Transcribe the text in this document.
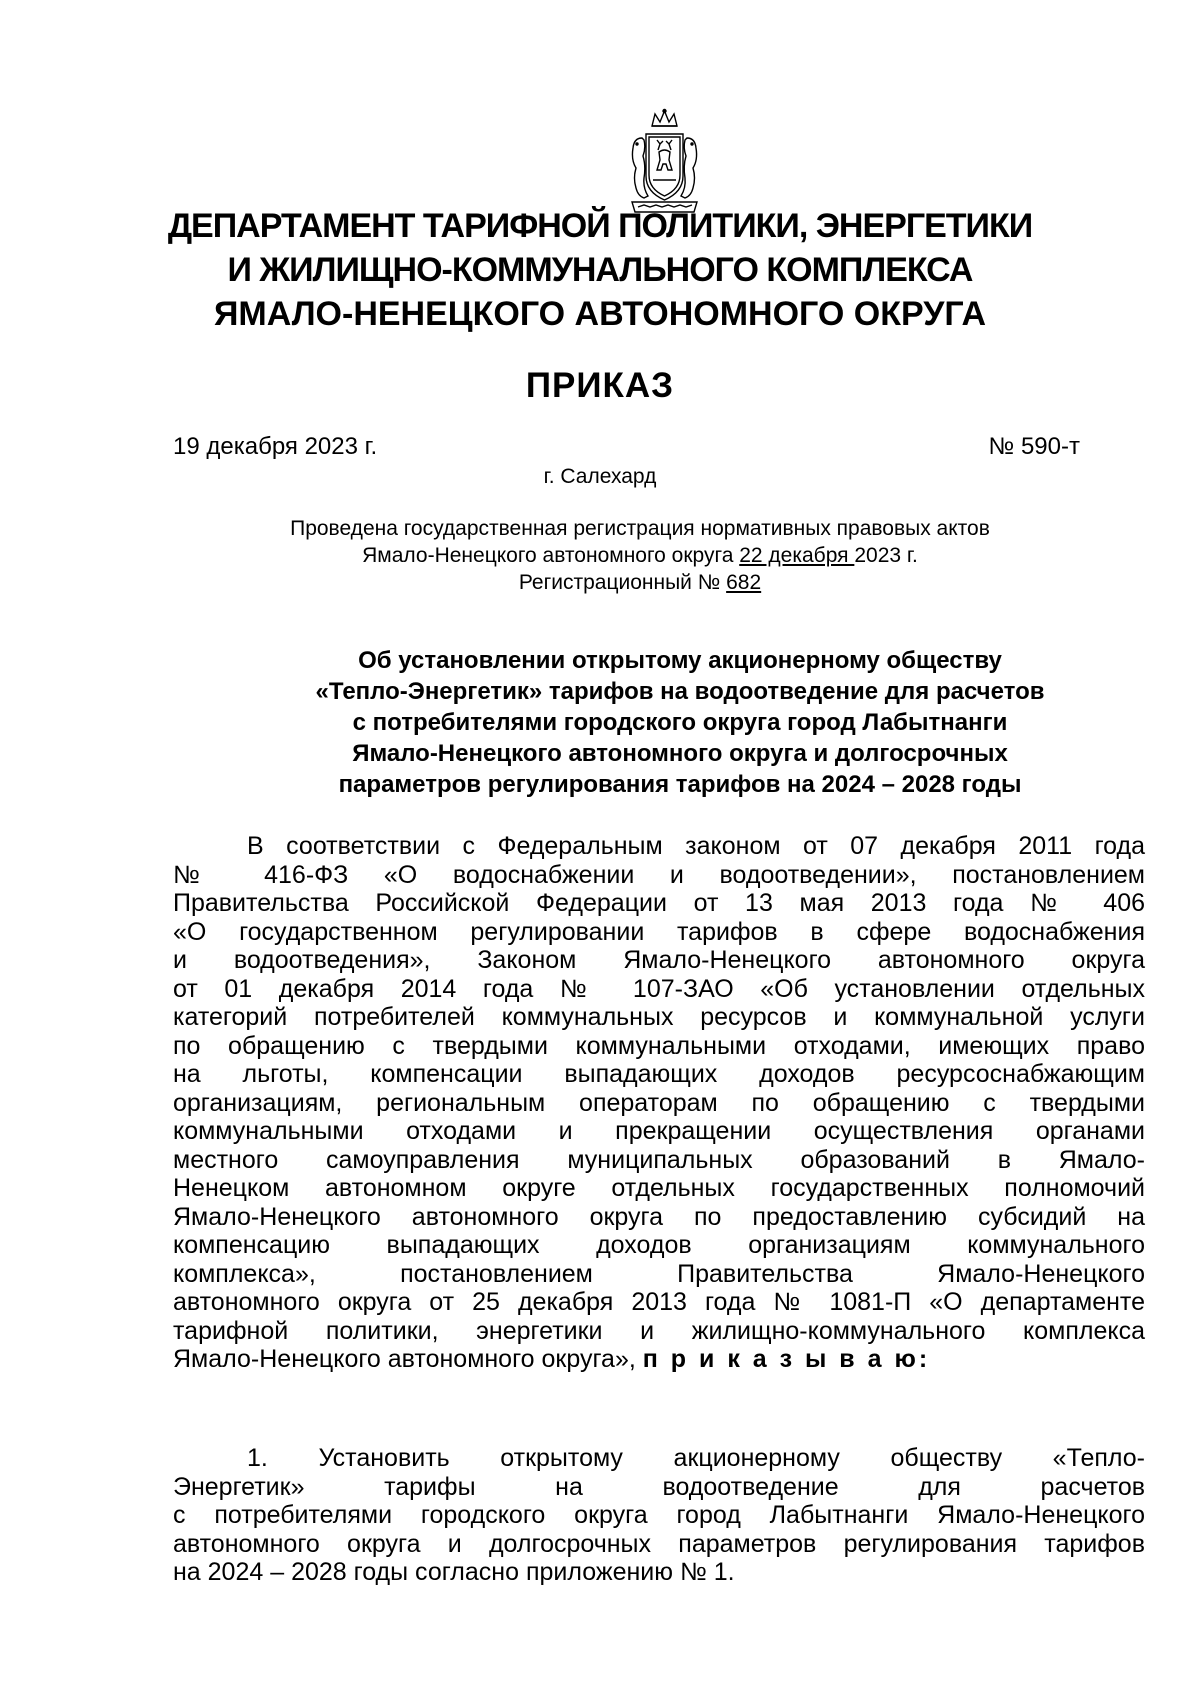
ДЕПАРТАМЕНТ ТАРИФНОЙ ПОЛИТИКИ, ЭНЕРГЕТИКИ
И ЖИЛИЩНО-КОММУНАЛЬНОГО КОМПЛЕКСА
ЯМАЛО-НЕНЕЦКОГО АВТОНОМНОГО ОКРУГА
ПРИКАЗ
19 декабря 2023 г.	№ 590-т
г. Салехард
Проведена государственная регистрация нормативных правовых актов
Ямало-Ненецкого автономного округа 22 декабря 2023 г.
Регистрационный № 682
Об установлении открытому акционерному обществу
«Тепло-Энергетик» тарифов на водоотведение для расчетов
с потребителями городского округа город Лабытнанги
Ямало-Ненецкого автономного округа и долгосрочных
параметров регулирования тарифов на 2024 – 2028 годы
В соответствии с Федеральным законом от 07 декабря 2011 года
№ 416-ФЗ «О водоснабжении и водоотведении», постановлением
Правительства Российской Федерации от 13 мая 2013 года № 406
«О государственном регулировании тарифов в сфере водоснабжения
и водоотведения», Законом Ямало-Ненецкого автономного округа
от 01 декабря 2014 года № 107-ЗАО «Об установлении отдельных
категорий потребителей коммунальных ресурсов и коммунальной услуги
по обращению с твердыми коммунальными отходами, имеющих право
на льготы, компенсации выпадающих доходов ресурсоснабжающим
организациям, региональным операторам по обращению с твердыми
коммунальными отходами и прекращении осуществления органами
местного самоуправления муниципальных образований в Ямало-
Ненецком автономном округе отдельных государственных полномочий
Ямало-Ненецкого автономного округа по предоставлению субсидий на
компенсацию выпадающих доходов организациям коммунального
комплекса», постановлением Правительства Ямало-Ненецкого
автономного округа от 25 декабря 2013 года № 1081-П «О департаменте
тарифной политики, энергетики и жилищно-коммунального комплекса
Ямало-Ненецкого автономного округа», п р и к а з ы в а ю:
1. Установить открытому акционерному обществу «Тепло-
Энергетик» тарифы на водоотведение для расчетов
с потребителями городского округа город Лабытнанги Ямало-Ненецкого
автономного округа и долгосрочных параметров регулирования тарифов
на 2024 – 2028 годы согласно приложению № 1.
